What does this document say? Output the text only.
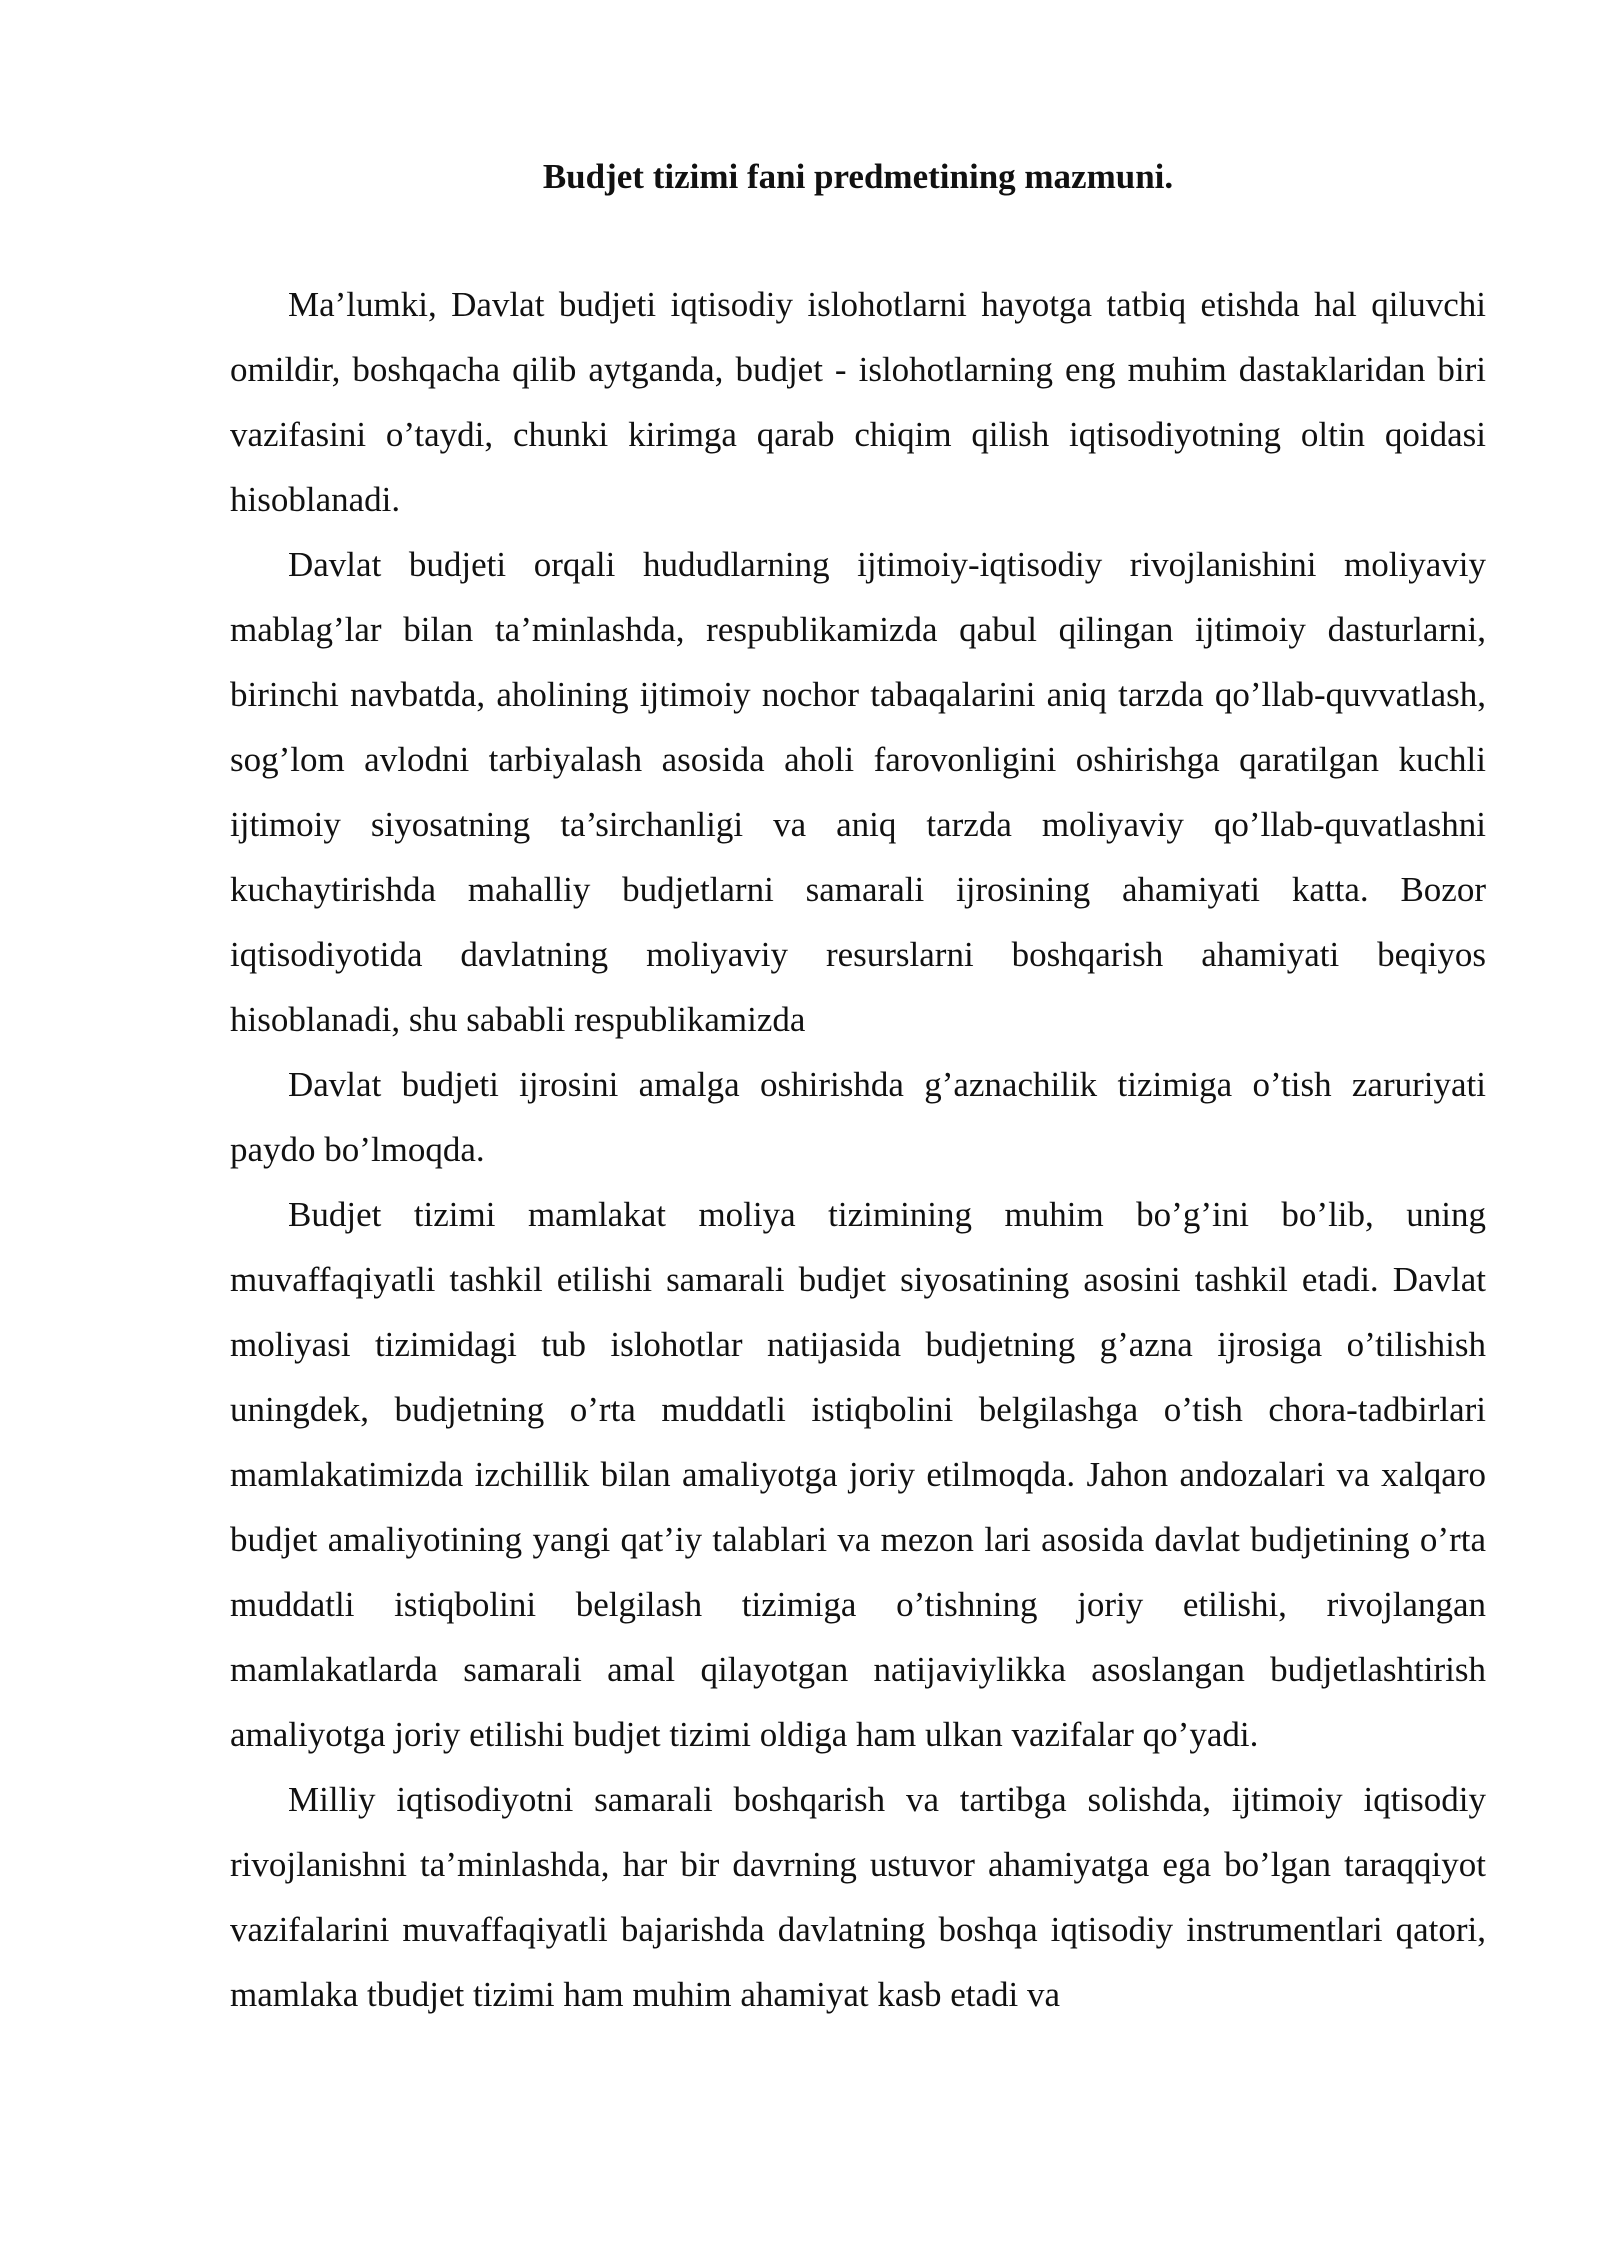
Budjet tizimi fani predmetining mazmuni.

Ma’lumki, Davlat budjeti iqtisodiy islohotlarni hayotga tatbiq etishda hal qiluvchi omildir, boshqacha qilib aytganda, budjet - islohotlarning eng muhim dastaklaridan biri vazifasini o’taydi, chunki kirimga qarab chiqim qilish iqtisodiyotning oltin qoidasi hisoblanadi.

Davlat budjeti orqali hududlarning ijtimoiy-iqtisodiy rivojlanishini moliyaviy mablag’lar bilan ta’minlashda, respublikamizda qabul qilingan ijtimoiy dasturlarni, birinchi navbatda, aholining ijtimoiy nochor tabaqalarini aniq tarzda qo’llab-quvvatlash, sog’lom avlodni tarbiyalash asosida aholi farovonligini oshirishga qaratilgan kuchli ijtimoiy siyosatning ta’sirchanligi va aniq tarzda moliyaviy qo’llab-quvatlashni kuchaytirishda mahalliy budjetlarni samarali ijrosining ahamiyati katta. Bozor iqtisodiyotida davlatning moliyaviy resurslarni boshqarish ahamiyati beqiyos hisoblanadi, shu sababli respublikamizda

Davlat budjeti ijrosini amalga oshirishda g’aznachilik tizimiga o’tish zaruriyati paydo bo’lmoqda.

Budjet tizimi mamlakat moliya tizimining muhim bo’g’ini bo’lib, uning muvaffaqiyatli tashkil etilishi samarali budjet siyosatining asosini tashkil etadi. Davlat moliyasi tizimidagi tub islohotlar natijasida budjetning g’azna ijrosiga o’tilishish uningdek, budjetning o’rta muddatli istiqbolini belgilashga o’tish chora-tadbirlari mamlakatimizda izchillik bilan amaliyotga joriy etilmoqda. Jahon andozalari va xalqaro budjet amaliyotining yangi qat’iy talablari va mezon lari asosida davlat budjetining o’rta muddatli istiqbolini belgilash tizimiga o’tishning joriy etilishi, rivojlangan mamlakatlarda samarali amal qilayotgan natijaviylikka asoslangan budjetlashtirish amaliyotga joriy etilishi budjet tizimi oldiga ham ulkan vazifalar qo’yadi.

Milliy iqtisodiyotni samarali boshqarish va tartibga solishda, ijtimoiy iqtisodiy rivojlanishni ta’minlashda, har bir davrning ustuvor ahamiyatga ega bo’lgan taraqqiyot vazifalarini muvaffaqiyatli bajarishda davlatning boshqa iqtisodiy instrumentlari qatori, mamlaka tbudjet tizimi ham muhim ahamiyat kasb etadi va
